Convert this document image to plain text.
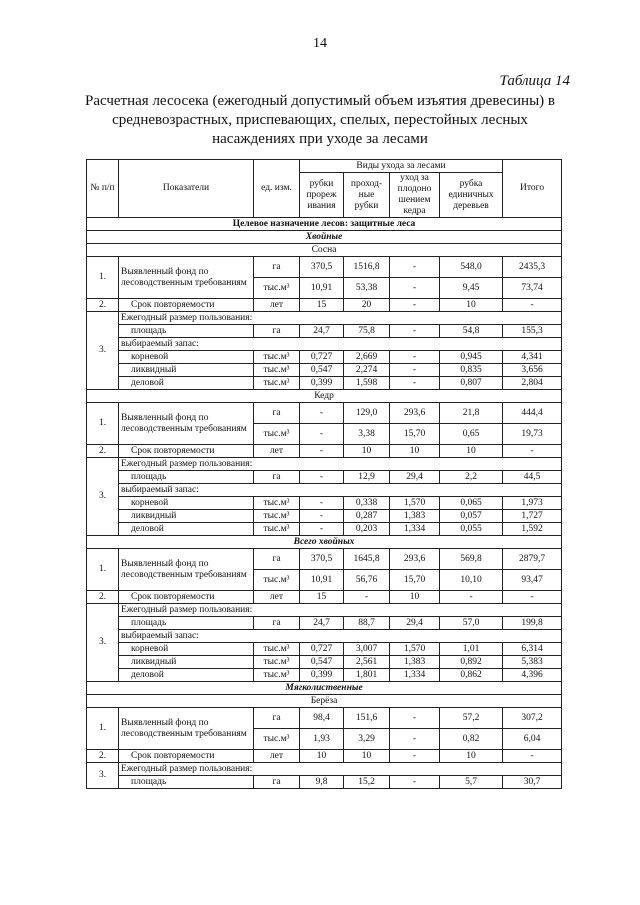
14
Таблица 14
Расчетная лесосека (ежегодный допустимый объем изъятия древесины) в средневозрастных, приспевающих, спелых, перестойных лесных насаждениях при уходе за лесами
№ п/п	Показатели	ед. изм.	Виды ухода за лесами				Итого
			рубки прореж ивания	проход-ные рубки	уход за плодоно шением кедра	рубка единичных деревьев	
Целевое назначение лесов: защитные леса							
Хвойные							
Сосна							
1.	Выявленный фонд по лесоводственным требованиям	га	370,5	1516,8	-	548,0	2435,3
		тыс.м³	10,91	53,38	-	9,45	73,74
2.	Срок повторяемости	лет	15	20	-	10	-
3.	Ежегодный размер пользования:						
	площадь	га	24,7	75,8	-	54,8	155,3
	выбираемый запас:						
	корневой	тыс.м³	0,727	2,669	-	0,945	4,341
	ликвидный	тыс.м³	0,547	2,274	-	0,835	3,656
	деловой	тыс.м³	0,399	1,598	-	0,807	2,804
Кедр							
1.	Выявленный фонд по лесоводственным требованиям	га	-	129,0	293,6	21,8	444,4
		тыс.м³	-	3,38	15,70	0,65	19,73
2.	Срок повторяемости	лет	-	10	10	10	-
3.	Ежегодный размер пользования:						
	площадь	га	-	12,9	29,4	2,2	44,5
	выбираемый запас:						
	корневой	тыс.м³	-	0,338	1,570	0,065	1,973
	ликвидный	тыс.м³	-	0,287	1,383	0,057	1,727
	деловой	тыс.м³	-	0,203	1,334	0,055	1,592
Всего хвойных							
1.	Выявленный фонд по лесоводственным требованиям	га	370,5	1645,8	293,6	569,8	2879,7
		тыс.м³	10,91	56,76	15,70	10,10	93,47
2.	Срок повторяемости	лет	15	-	10	-	-
3.	Ежегодный размер пользования:						
	площадь	га	24,7	88,7	29,4	57,0	199,8
	выбираемый запас:						
	корневой	тыс.м³	0,727	3,007	1,570	1,01	6,314
	ликвидный	тыс.м³	0,547	2,561	1,383	0,892	5,383
	деловой	тыс.м³	0,399	1,801	1,334	0,862	4,396
Мягколиственные							
Берёза							
1.	Выявленный фонд по лесоводственным требованиям	га	98,4	151,6	-	57,2	307,2
		тыс.м³	1,93	3,29	-	0,82	6,04
2.	Срок повторяемости	лет	10	10	-	10	-
3.	Ежегодный размер пользования:						
	площадь	га	9,8	15,2	-	5,7	30,7
